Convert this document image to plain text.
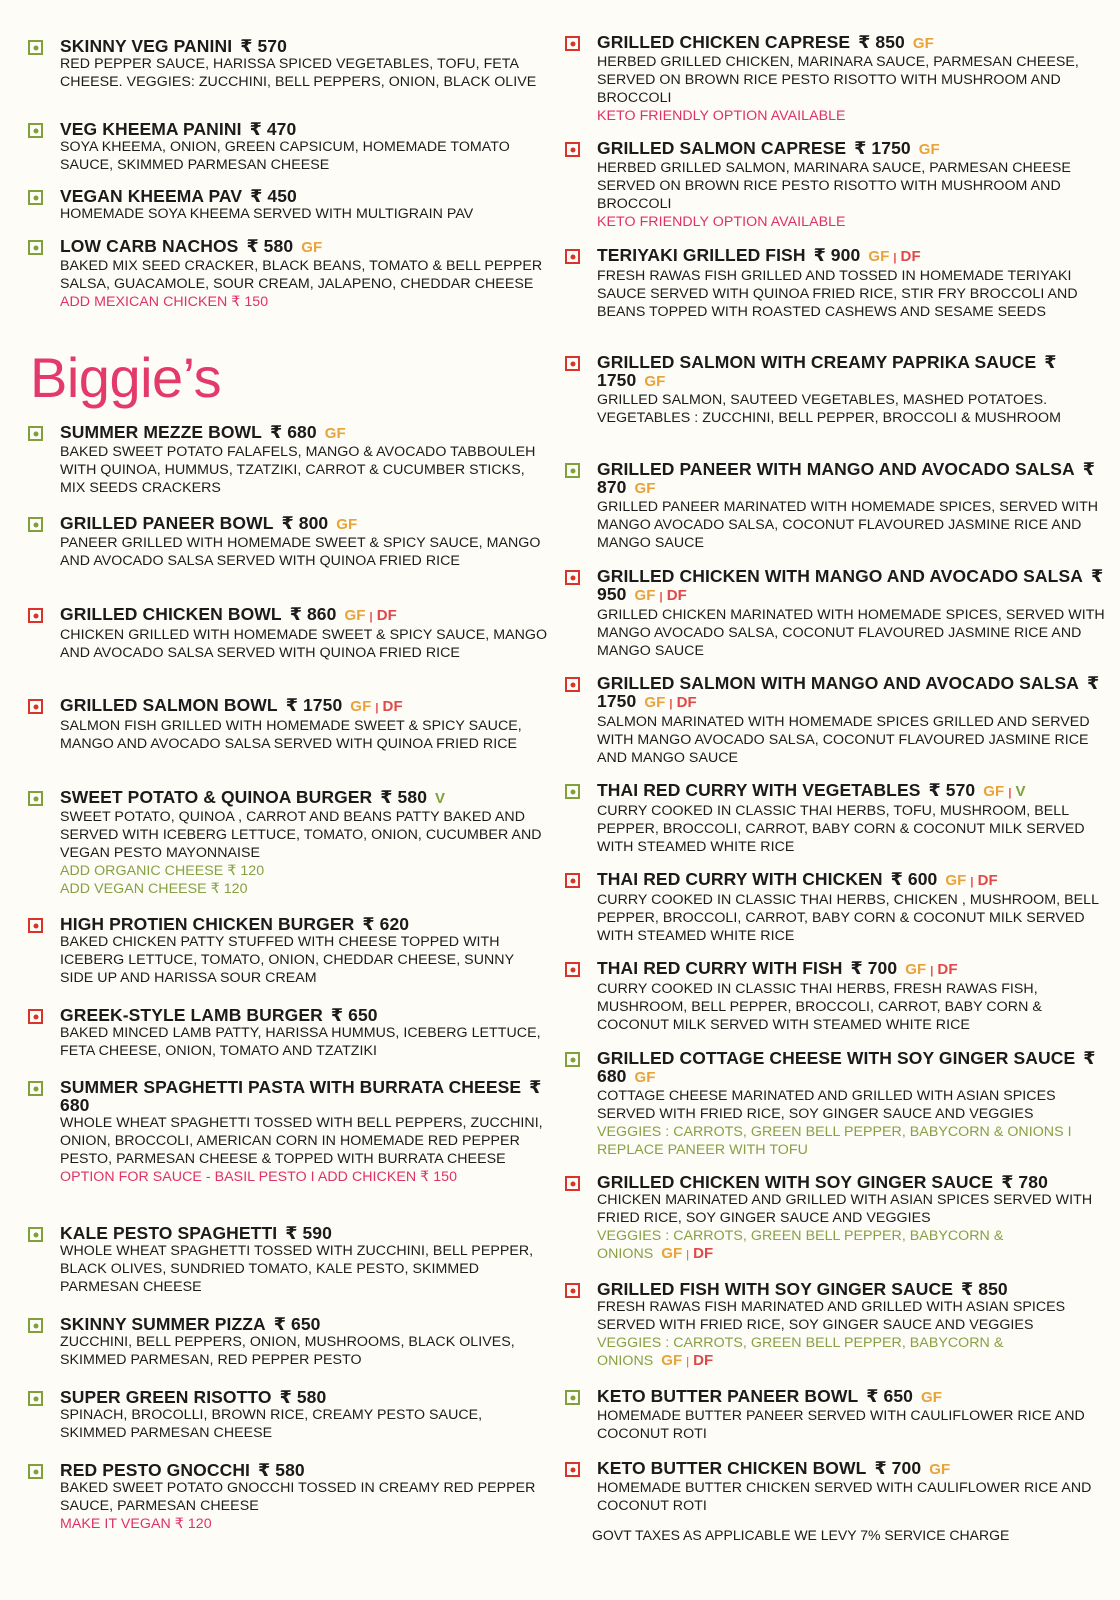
SKINNY VEG PANINI ₹ 570

RED PEPPER SAUCE, HARISSA SPICED VEGETABLES, TOFU, FETA CHEESE. VEGGIES: ZUCCHINI, BELL PEPPERS, ONION, BLACK OLIVE

VEG KHEEMA PANINI ₹ 470

SOYA KHEEMA, ONION, GREEN CAPSICUM, HOMEMADE TOMATO SAUCE, SKIMMED PARMESAN CHEESE

VEGAN KHEEMA PAV ₹ 450

HOMEMADE SOYA KHEEMA SERVED WITH MULTIGRAIN PAV

LOW CARB NACHOS ₹ 580 GF

BAKED MIX SEED CRACKER, BLACK BEANS, TOMATO & BELL PEPPER SALSA, GUACAMOLE, SOUR CREAM, JALAPENO, CHEDDAR CHEESE

ADD MEXICAN CHICKEN ₹ 150

SUMMER MEZZE BOWL ₹ 680 GF

BAKED SWEET POTATO FALAFELS, MANGO & AVOCADO TABBOULEH WITH QUINOA, HUMMUS, TZATZIKI, CARROT & CUCUMBER STICKS, MIX SEEDS CRACKERS

GRILLED PANEER BOWL ₹ 800 GF

PANEER GRILLED WITH HOMEMADE SWEET & SPICY SAUCE, MANGO AND AVOCADO SALSA SERVED WITH QUINOA FRIED RICE

GRILLED CHICKEN BOWL ₹ 860 GF | DF

CHICKEN GRILLED WITH HOMEMADE SWEET & SPICY SAUCE, MANGO AND AVOCADO SALSA SERVED WITH QUINOA FRIED RICE

GRILLED SALMON BOWL ₹ 1750 GF | DF

SALMON FISH GRILLED WITH HOMEMADE SWEET & SPICY SAUCE, MANGO AND AVOCADO SALSA SERVED WITH QUINOA FRIED RICE

SWEET POTATO & QUINOA BURGER ₹ 580 V

SWEET POTATO, QUINOA , CARROT AND BEANS PATTY BAKED AND SERVED WITH ICEBERG LETTUCE, TOMATO, ONION, CUCUMBER AND VEGAN PESTO MAYONNAISE

ADD ORGANIC CHEESE ₹ 120

ADD VEGAN CHEESE ₹ 120

HIGH PROTIEN CHICKEN BURGER ₹ 620

BAKED CHICKEN PATTY STUFFED WITH CHEESE TOPPED WITH ICEBERG LETTUCE, TOMATO, ONION, CHEDDAR CHEESE, SUNNY SIDE UP AND HARISSA SOUR CREAM

GREEK-STYLE LAMB BURGER ₹ 650

BAKED MINCED LAMB PATTY, HARISSA HUMMUS, ICEBERG LETTUCE, FETA CHEESE, ONION, TOMATO AND TZATZIKI

SUMMER SPAGHETTI PASTA WITH BURRATA CHEESE ₹ 680

WHOLE WHEAT SPAGHETTI TOSSED WITH BELL PEPPERS, ZUCCHINI, ONION, BROCCOLI, AMERICAN CORN IN HOMEMADE RED PEPPER PESTO, PARMESAN CHEESE & TOPPED WITH BURRATA CHEESE

OPTION FOR SAUCE - BASIL PESTO I ADD CHICKEN ₹ 150

KALE PESTO SPAGHETTI ₹ 590

WHOLE WHEAT SPAGHETTI TOSSED WITH ZUCCHINI, BELL PEPPER, BLACK OLIVES, SUNDRIED TOMATO, KALE PESTO, SKIMMED PARMESAN CHEESE

SKINNY SUMMER PIZZA ₹ 650

ZUCCHINI, BELL PEPPERS, ONION, MUSHROOMS, BLACK OLIVES, SKIMMED PARMESAN, RED PEPPER PESTO

SUPER GREEN RISOTTO ₹ 580

SPINACH, BROCOLLI, BROWN RICE, CREAMY PESTO SAUCE, SKIMMED PARMESAN CHEESE

RED PESTO GNOCCHI ₹ 580

BAKED SWEET POTATO GNOCCHI TOSSED IN CREAMY RED PEPPER SAUCE, PARMESAN CHEESE

MAKE IT VEGAN ₹ 120

Biggie’s
GRILLED CHICKEN CAPRESE ₹ 850 GF

HERBED GRILLED CHICKEN, MARINARA SAUCE, PARMESAN CHEESE, SERVED ON BROWN RICE PESTO RISOTTO WITH MUSHROOM AND BROCCOLI

KETO FRIENDLY OPTION AVAILABLE

GRILLED SALMON CAPRESE ₹ 1750 GF

HERBED GRILLED SALMON, MARINARA SAUCE, PARMESAN CHEESE SERVED ON BROWN RICE PESTO RISOTTO WITH MUSHROOM AND BROCCOLI

KETO FRIENDLY OPTION AVAILABLE

TERIYAKI GRILLED FISH ₹ 900 GF | DF

FRESH RAWAS FISH GRILLED AND TOSSED IN HOMEMADE TERIYAKI SAUCE SERVED WITH QUINOA FRIED RICE, STIR FRY BROCCOLI AND BEANS TOPPED WITH ROASTED CASHEWS AND SESAME SEEDS

GRILLED SALMON WITH CREAMY PAPRIKA SAUCE ₹ 1750 GF

GRILLED SALMON, SAUTEED VEGETABLES, MASHED POTATOES. VEGETABLES : ZUCCHINI, BELL PEPPER, BROCCOLI & MUSHROOM

GRILLED PANEER WITH MANGO AND AVOCADO SALSA ₹ 870 GF

GRILLED PANEER MARINATED WITH HOMEMADE SPICES, SERVED WITH MANGO AVOCADO SALSA, COCONUT FLAVOURED JASMINE RICE AND MANGO SAUCE

GRILLED CHICKEN WITH MANGO AND AVOCADO SALSA ₹ 950 GF | DF

GRILLED CHICKEN MARINATED WITH HOMEMADE SPICES, SERVED WITH MANGO AVOCADO SALSA, COCONUT FLAVOURED JASMINE RICE AND MANGO SAUCE

GRILLED SALMON WITH MANGO AND AVOCADO SALSA ₹ 1750 GF | DF

SALMON MARINATED WITH HOMEMADE SPICES GRILLED AND SERVED WITH MANGO AVOCADO SALSA, COCONUT FLAVOURED JASMINE RICE AND MANGO SAUCE

THAI RED CURRY WITH VEGETABLES ₹ 570 GF | V

CURRY COOKED IN CLASSIC THAI HERBS, TOFU, MUSHROOM, BELL PEPPER, BROCCOLI, CARROT, BABY CORN & COCONUT MILK SERVED WITH STEAMED WHITE RICE

THAI RED CURRY WITH CHICKEN ₹ 600 GF | DF

CURRY COOKED IN CLASSIC THAI HERBS, CHICKEN , MUSHROOM, BELL PEPPER, BROCCOLI, CARROT, BABY CORN & COCONUT MILK SERVED WITH STEAMED WHITE RICE

THAI RED CURRY WITH FISH ₹ 700 GF | DF

CURRY COOKED IN CLASSIC THAI HERBS, FRESH RAWAS FISH, MUSHROOM, BELL PEPPER, BROCCOLI, CARROT, BABY CORN & COCONUT MILK SERVED WITH STEAMED WHITE RICE

GRILLED COTTAGE CHEESE WITH SOY GINGER SAUCE ₹ 680 GF

COTTAGE CHEESE MARINATED AND GRILLED WITH ASIAN SPICES SERVED WITH FRIED RICE, SOY GINGER SAUCE AND VEGGIES

VEGGIES : CARROTS, GREEN BELL PEPPER, BABYCORN & ONIONS I REPLACE PANEER WITH TOFU

GRILLED CHICKEN WITH SOY GINGER SAUCE ₹ 780

CHICKEN MARINATED AND GRILLED WITH ASIAN SPICES SERVED WITH FRIED RICE, SOY GINGER SAUCE AND VEGGIES

VEGGIES : CARROTS, GREEN BELL PEPPER, BABYCORN & ONIONS GF | DF

GRILLED FISH WITH SOY GINGER SAUCE ₹ 850

FRESH RAWAS FISH MARINATED AND GRILLED WITH ASIAN SPICES SERVED WITH FRIED RICE, SOY GINGER SAUCE AND VEGGIES

VEGGIES : CARROTS, GREEN BELL PEPPER, BABYCORN & ONIONS GF | DF

KETO BUTTER PANEER BOWL ₹ 650 GF

HOMEMADE BUTTER PANEER SERVED WITH CAULIFLOWER RICE AND COCONUT ROTI

KETO BUTTER CHICKEN BOWL ₹ 700 GF

HOMEMADE BUTTER CHICKEN SERVED WITH CAULIFLOWER RICE AND COCONUT ROTI

GOVT TAXES AS APPLICABLE WE LEVY 7% SERVICE CHARGE
